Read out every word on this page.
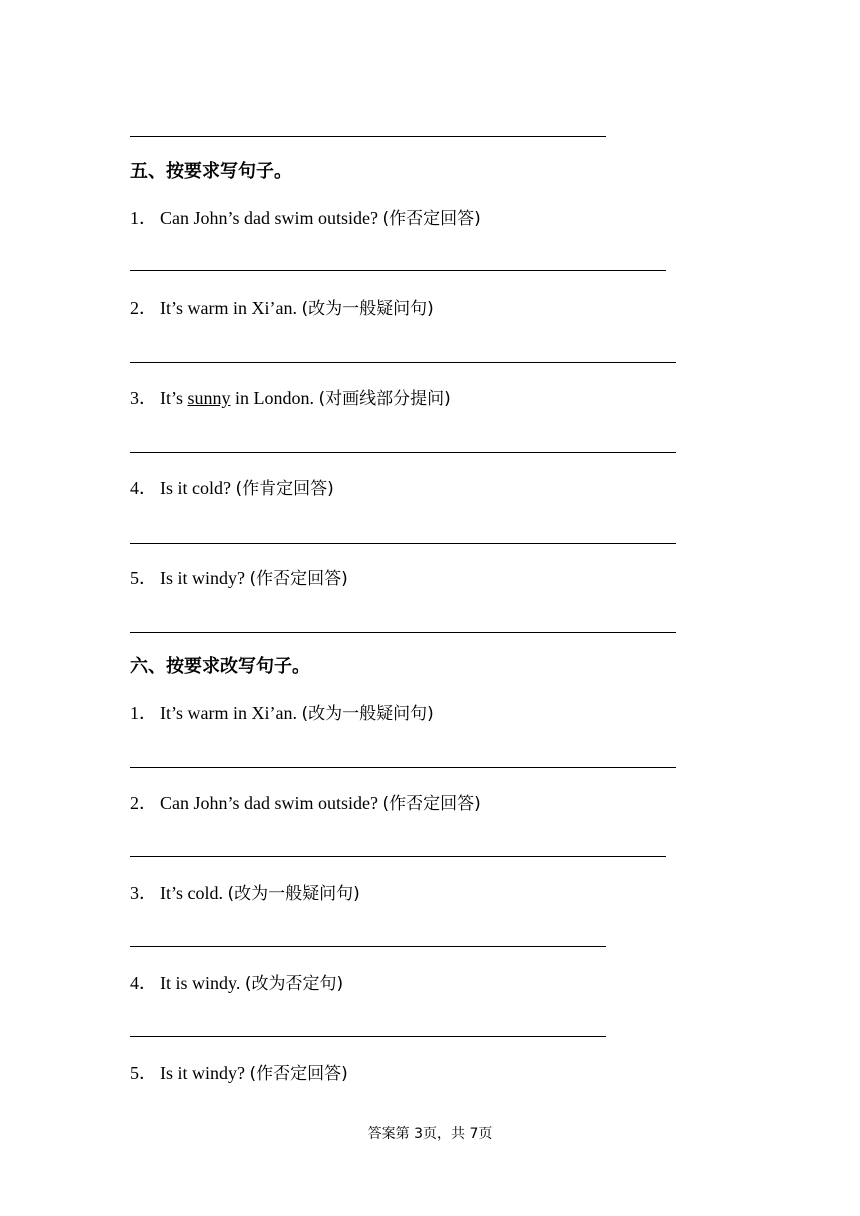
五、按要求写句子。
1． Can John’s dad swim outside? (作否定回答)
2． It’s warm in Xi’an. (改为一般疑问句)
3． It’s sunny in London. (对画线部分提问)
4． Is it cold? (作肯定回答)
5． Is it windy? (作否定回答)
六、按要求改写句子。
1． It’s warm in Xi’an. (改为一般疑问句)
2． Can John’s dad swim outside? (作否定回答)
3． It’s cold. (改为一般疑问句)
4． It is windy. (改为否定句)
5． Is it windy? (作否定回答)
答案第 3页，共 7页
